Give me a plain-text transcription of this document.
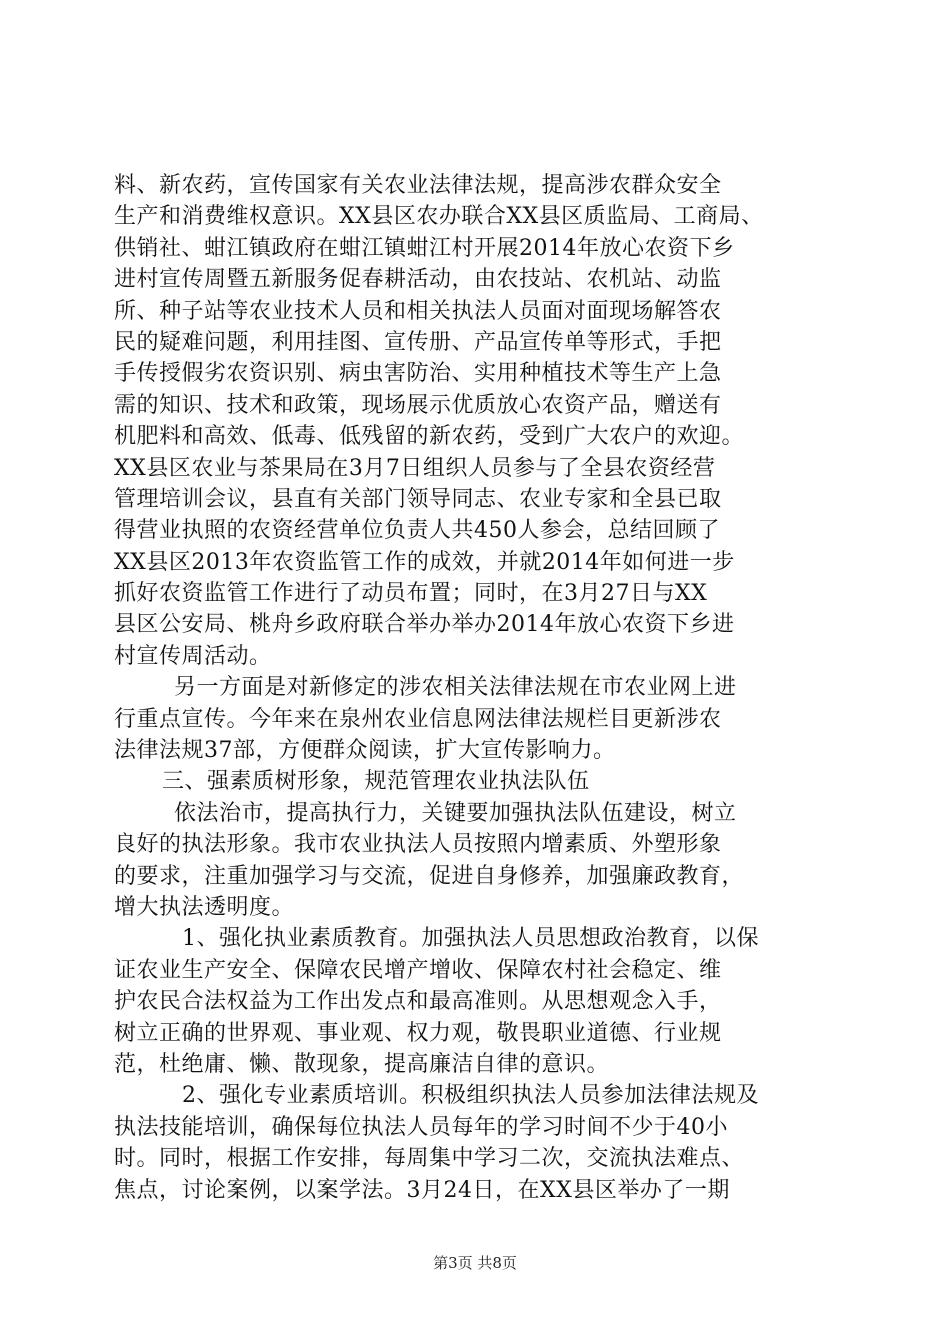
料、新农药，宣传国家有关农业法律法规，提高涉农群众安全
生产和消费维权意识。XX县区农办联合XX县区质监局、工商局、
供销社、蚶江镇政府在蚶江镇蚶江村开展2014年放心农资下乡
进村宣传周暨五新服务促春耕活动，由农技站、农机站、动监
所、种子站等农业技术人员和相关执法人员面对面现场解答农
民的疑难问题，利用挂图、宣传册、产品宣传单等形式，手把
手传授假劣农资识别、病虫害防治、实用种植技术等生产上急
需的知识、技术和政策，现场展示优质放心农资产品，赠送有
机肥料和高效、低毒、低残留的新农药，受到广大农户的欢迎。
XX县区农业与茶果局在3月7日组织人员参与了全县农资经营
管理培训会议，县直有关部门领导同志、农业专家和全县已取
得营业执照的农资经营单位负责人共450人参会，总结回顾了
XX县区2013年农资监管工作的成效，并就2014年如何进一步
抓好农资监管工作进行了动员布置；同时，在3月27日与XX
县区公安局、桃舟乡政府联合举办举办2014年放心农资下乡进
村宣传周活动。
另一方面是对新修定的涉农相关法律法规在市农业网上进
行重点宣传。今年来在泉州农业信息网法律法规栏目更新涉农
法律法规37部，方便群众阅读，扩大宣传影响力。
三、强素质树形象，规范管理农业执法队伍
依法治市，提高执行力，关键要加强执法队伍建设，树立
良好的执法形象。我市农业执法人员按照内增素质、外塑形象
的要求，注重加强学习与交流，促进自身修养，加强廉政教育，
增大执法透明度。
1、强化执业素质教育。加强执法人员思想政治教育，以保
证农业生产安全、保障农民增产增收、保障农村社会稳定、维
护农民合法权益为工作出发点和最高准则。从思想观念入手，
树立正确的世界观、事业观、权力观，敬畏职业道德、行业规
范，杜绝庸、懒、散现象，提高廉洁自律的意识。
2、强化专业素质培训。积极组织执法人员参加法律法规及
执法技能培训，确保每位执法人员每年的学习时间不少于40小
时。同时，根据工作安排，每周集中学习二次，交流执法难点、
焦点，讨论案例，以案学法。3月24日，在XX县区举办了一期
第3页 共8页
